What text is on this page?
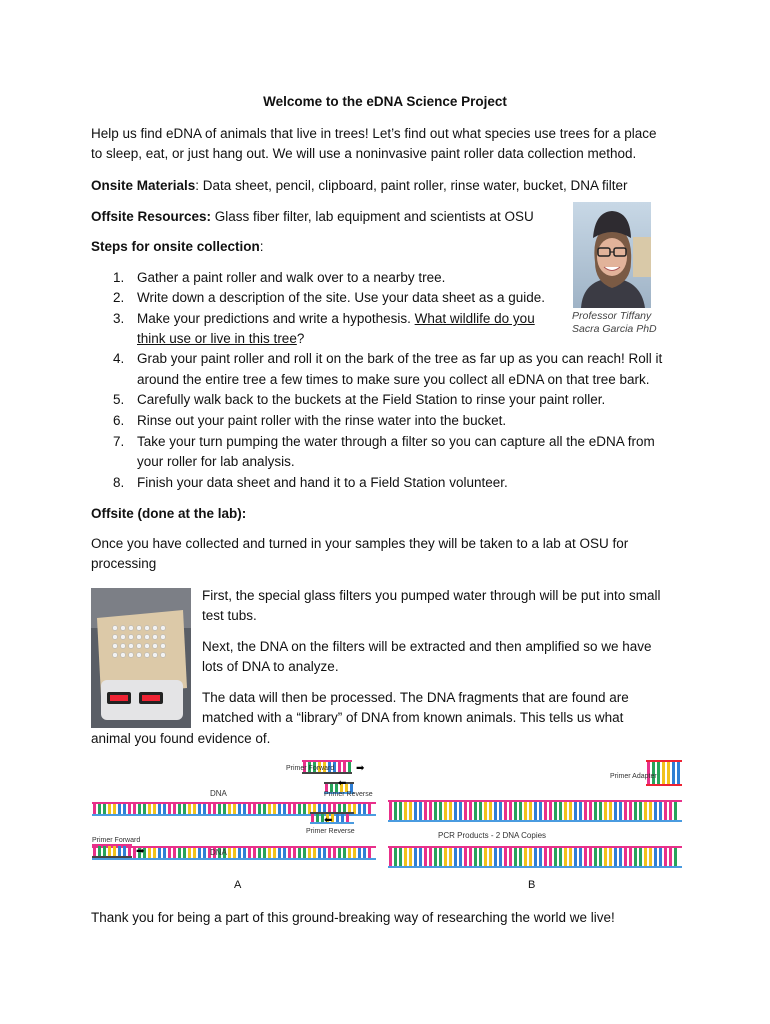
Welcome to the eDNA Science Project
Help us find eDNA of animals that live in trees! Let’s find out what species use trees for a place
to sleep, eat, or just hang out. We will use a noninvasive paint roller data collection method.
Onsite Materials: Data sheet, pencil, clipboard, paint roller, rinse water, bucket, DNA filter
Offsite Resources: Glass fiber filter, lab equipment and scientists at OSU
Steps for onsite collection:
1. Gather a paint roller and walk over to a nearby tree.
2. Write down a description of the site. Use your data sheet as a guide.
3. Make your predictions and write a hypothesis. What wildlife do you
think use or live in this tree?
4. Grab your paint roller and roll it on the bark of the tree as far up as you can reach! Roll it
around the entire tree a few times to make sure you collect all eDNA on that tree bark.
5. Carefully walk back to the buckets at the Field Station to rinse your paint roller.
6. Rinse out your paint roller with the rinse water into the bucket.
7. Take your turn pumping the water through a filter so you can capture all the eDNA from
your roller for lab analysis.
8. Finish your data sheet and hand it to a Field Station volunteer.
Professor Tiffany
Sacra Garcia PhD
Offsite (done at the lab):
Once you have collected and turned in your samples they will be taken to a lab at OSU for
processing
First, the special glass filters you pumped water through will be put into small
test tubs.
Next, the DNA on the filters will be extracted and then amplified so we have
lots of DNA to analyze.
The data will then be processed. The DNA fragments that are found are
matched with a “library” of DNA from known animals. This tells us what
animal you found evidence of.
Primer Forward ➡
⬅
Primer Reverse
DNA
⬅
Primer Reverse
Primer Forward
➡	DNA
A
Primer Adapter
PCR Products - 2 DNA Copies
B
Thank you for being a part of this ground-breaking way of researching the world we live!
